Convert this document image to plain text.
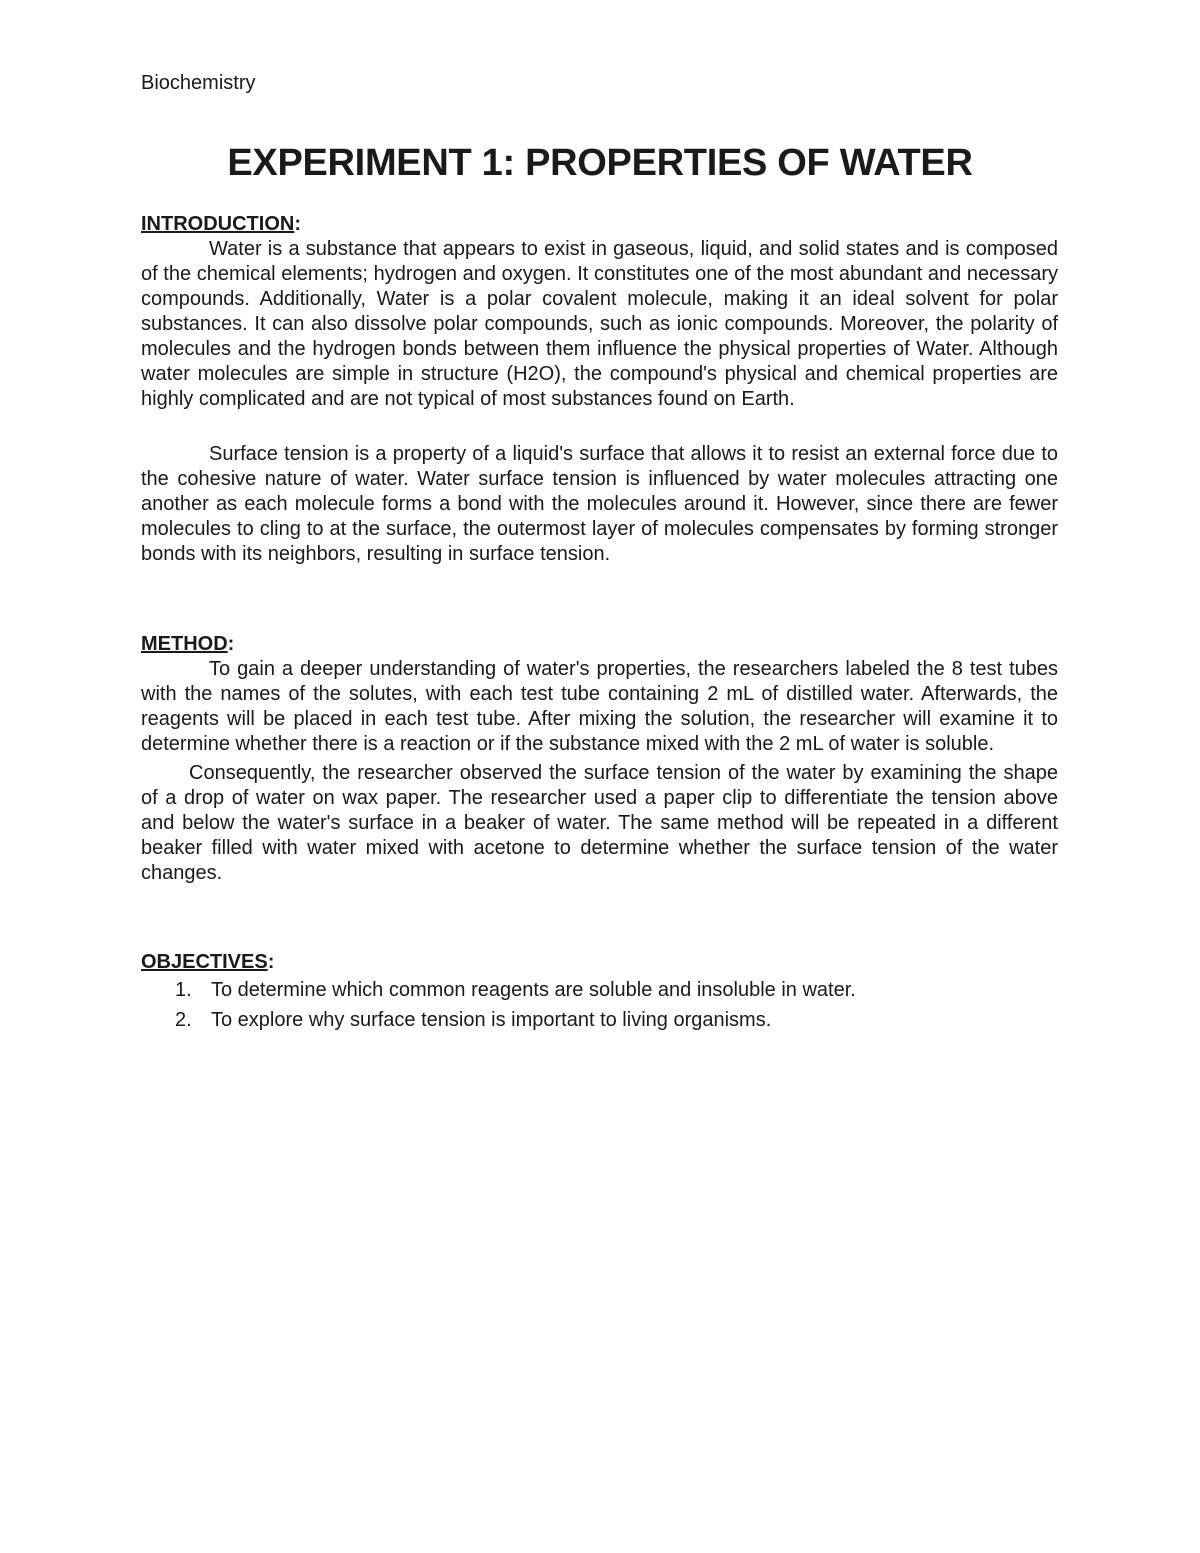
Biochemistry
EXPERIMENT 1: PROPERTIES OF WATER
INTRODUCTION:

Water is a substance that appears to exist in gaseous, liquid, and solid states and is composed of the chemical elements; hydrogen and oxygen. It constitutes one of the most abundant and necessary compounds. Additionally, Water is a polar covalent molecule, making it an ideal solvent for polar substances. It can also dissolve polar compounds, such as ionic compounds. Moreover, the polarity of molecules and the hydrogen bonds between them influence the physical properties of Water. Although water molecules are simple in structure (H2O), the compound's physical and chemical properties are highly complicated and are not typical of most substances found on Earth.

Surface tension is a property of a liquid's surface that allows it to resist an external force due to the cohesive nature of water. Water surface tension is influenced by water molecules attracting one another as each molecule forms a bond with the molecules around it. However, since there are fewer molecules to cling to at the surface, the outermost layer of molecules compensates by forming stronger bonds with its neighbors, resulting in surface tension.

METHOD:

To gain a deeper understanding of water's properties, the researchers labeled the 8 test tubes with the names of the solutes, with each test tube containing 2 mL of distilled water. Afterwards, the reagents will be placed in each test tube. After mixing the solution, the researcher will examine it to determine whether there is a reaction or if the substance mixed with the 2 mL of water is soluble.

Consequently, the researcher observed the surface tension of the water by examining the shape of a drop of water on wax paper. The researcher used a paper clip to differentiate the tension above and below the water's surface in a beaker of water. The same method will be repeated in a different beaker filled with water mixed with acetone to determine whether the surface tension of the water changes.

OBJECTIVES:
1. To determine which common reagents are soluble and insoluble in water.
2. To explore why surface tension is important to living organisms.
